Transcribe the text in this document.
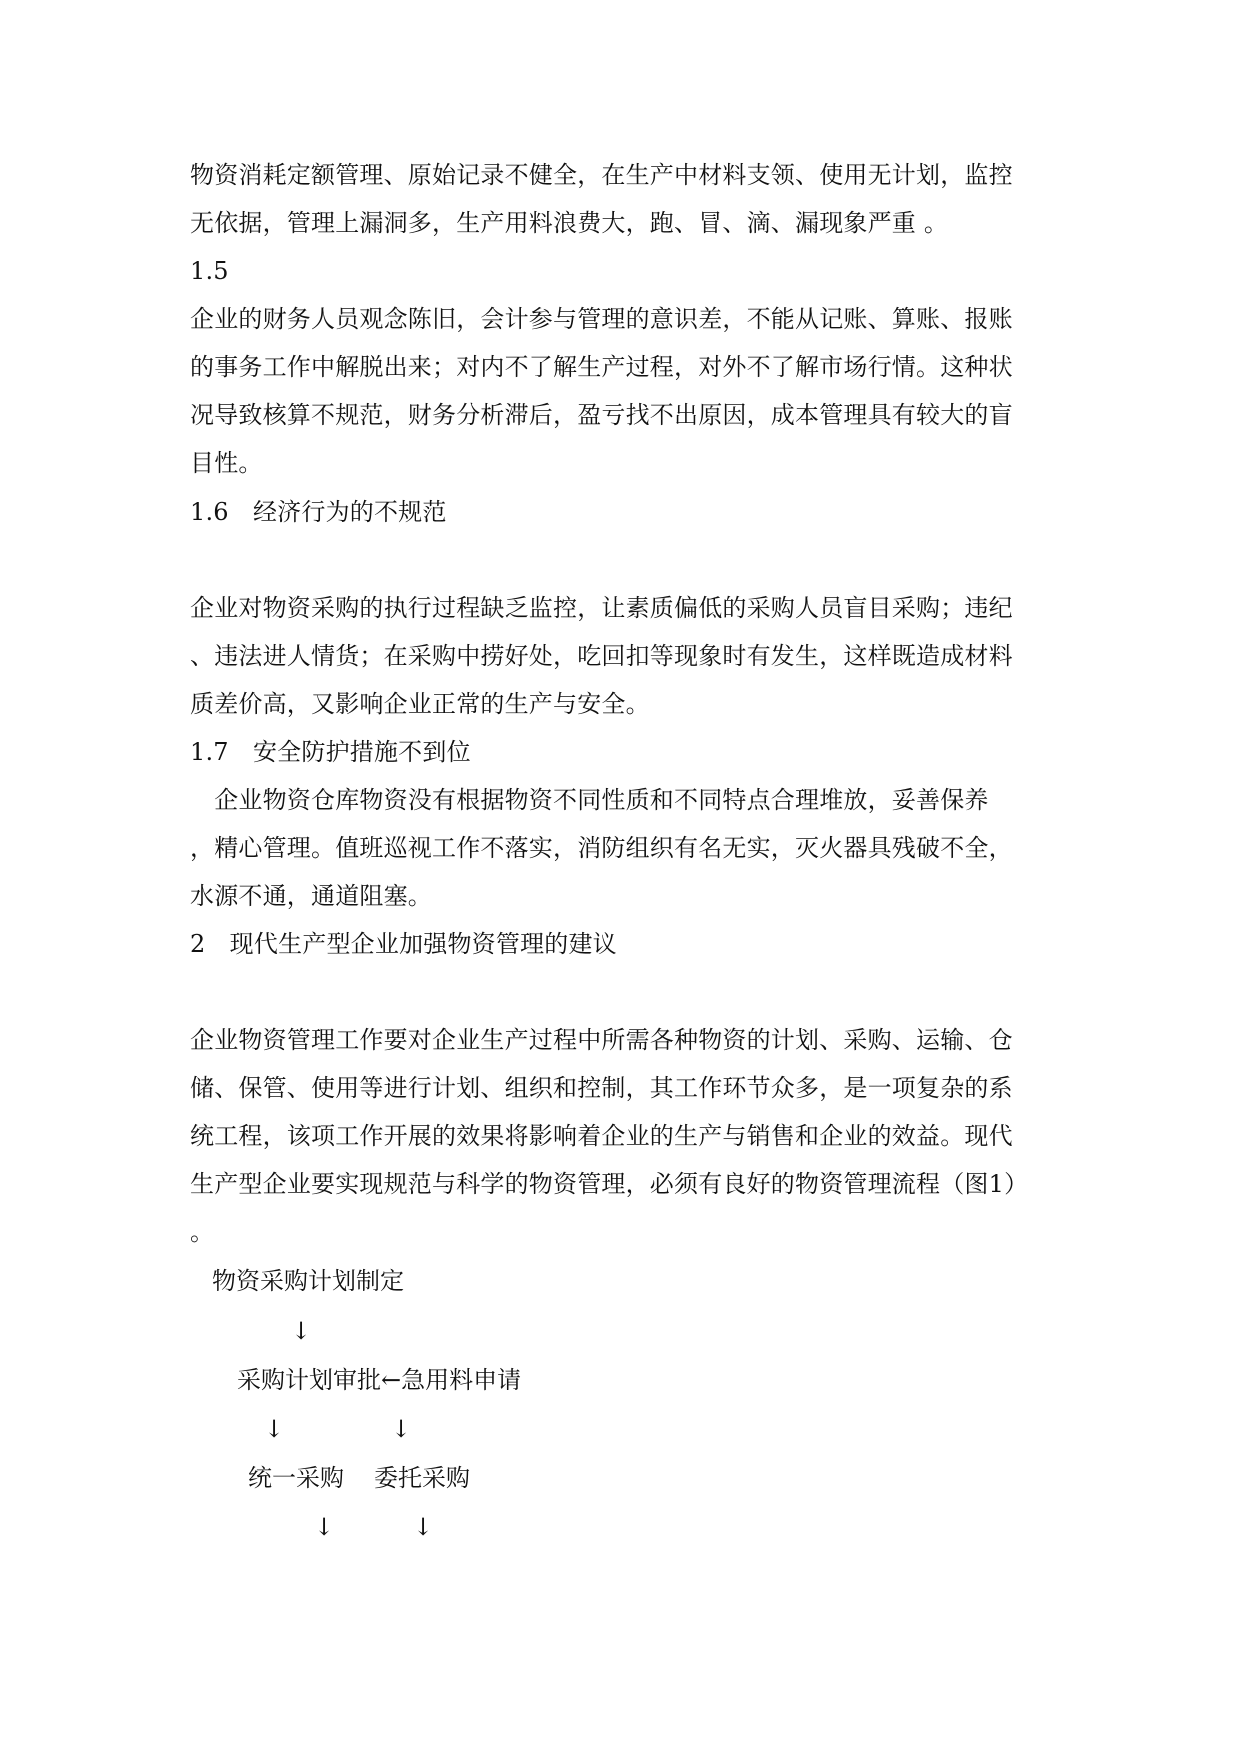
物资消耗定额管理、原始记录不健全，在生产中材料支领、使用无计划，监控
无依据，管理上漏洞多，生产用料浪费大，跑、冒、滴、漏现象严重 。
1.5
企业的财务人员观念陈旧，会计参与管理的意识差，不能从记账、算账、报账
的事务工作中解脱出来；对内不了解生产过程，对外不了解市场行情。这种状
况导致核算不规范，财务分析滞后，盈亏找不出原因，成本管理具有较大的盲
目性。
1.6　经济行为的不规范
企业对物资采购的执行过程缺乏监控，让素质偏低的采购人员盲目采购；违纪
、违法进人情货；在采购中捞好处，吃回扣等现象时有发生，这样既造成材料
质差价高，又影响企业正常的生产与安全。
1.7　安全防护措施不到位
　企业物资仓库物资没有根据物资不同性质和不同特点合理堆放，妥善保养
，精心管理。值班巡视工作不落实，消防组织有名无实，灭火器具残破不全，
水源不通，通道阻塞。
2　现代生产型企业加强物资管理的建议
企业物资管理工作要对企业生产过程中所需各种物资的计划、采购、运输、仓
储、保管、使用等进行计划、组织和控制，其工作环节众多，是一项复杂的系
统工程，该项工作开展的效果将影响着企业的生产与销售和企业的效益。现代
生产型企业要实现规范与科学的物资管理，必须有良好的物资管理流程（图1）
。
物资采购计划制定
↓
采购计划审批←急用料申请
↓	↓
统一采购 委托采购
↓	↓
